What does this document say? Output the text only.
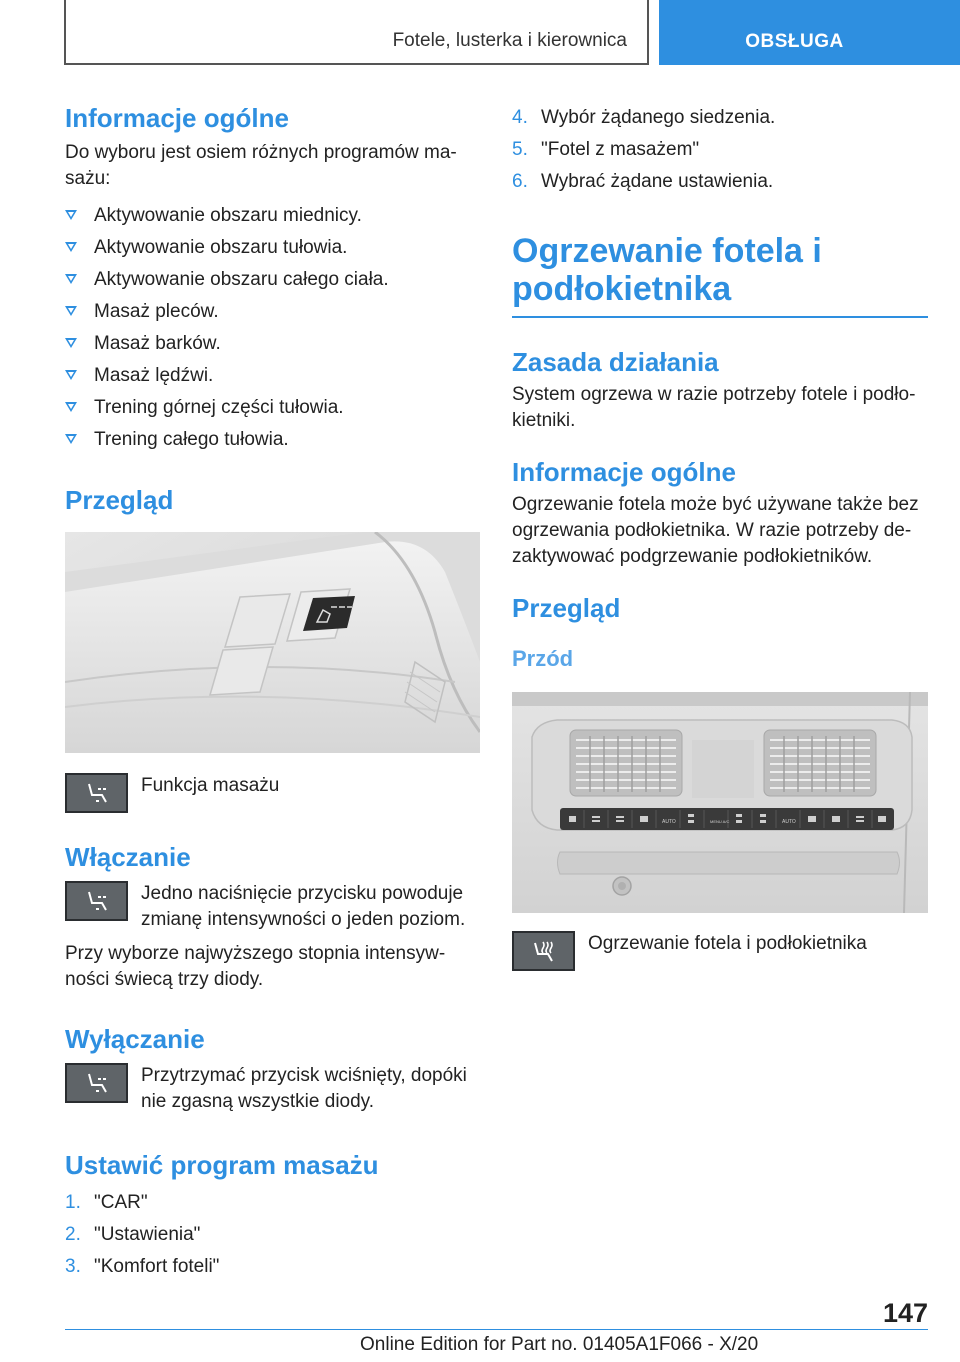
Fotele, lusterka i kierownica	OBSŁUGA
Informacje ogólne
Do wyboru jest osiem różnych programów ma‐sażu:
Aktywowanie obszaru miednicy.
Aktywowanie obszaru tułowia.
Aktywowanie obszaru całego ciała.
Masaż pleców.
Masaż barków.
Masaż lędźwi.
Trening górnej części tułowia.
Trening całego tułowia.
Przegląd
Funkcja masażu
Włączanie
Jedno naciśnięcie przycisku powoduje zmianę intensywności o jeden poziom.
Przy wyborze najwyższego stopnia intensyw‐ności świecą trzy diody.
Wyłączanie
Przytrzymać przycisk wciśnięty, dopóki nie zgasną wszystkie diody.
Ustawić program masażu
1. "CAR"
2. "Ustawienia"
3. "Komfort foteli"
4. Wybór żądanego siedzenia.
5. "Fotel z masażem"
6. Wybrać żądane ustawienia.
Ogrzewanie fotela i
podłokietnika
Zasada działania
System ogrzewa w razie potrzeby fotele i podło‐kietniki.
Informacje ogólne
Ogrzewanie fotela może być używane także bez ogrzewania podłokietnika. W razie potrzeby de‐zaktywować podgrzewanie podłokietników.
Przegląd
Przód
AUTO	MENU A/C	AUTO
Ogrzewanie fotela i podłokietnika
147
Online Edition for Part no. 01405A1F066 - X/20
